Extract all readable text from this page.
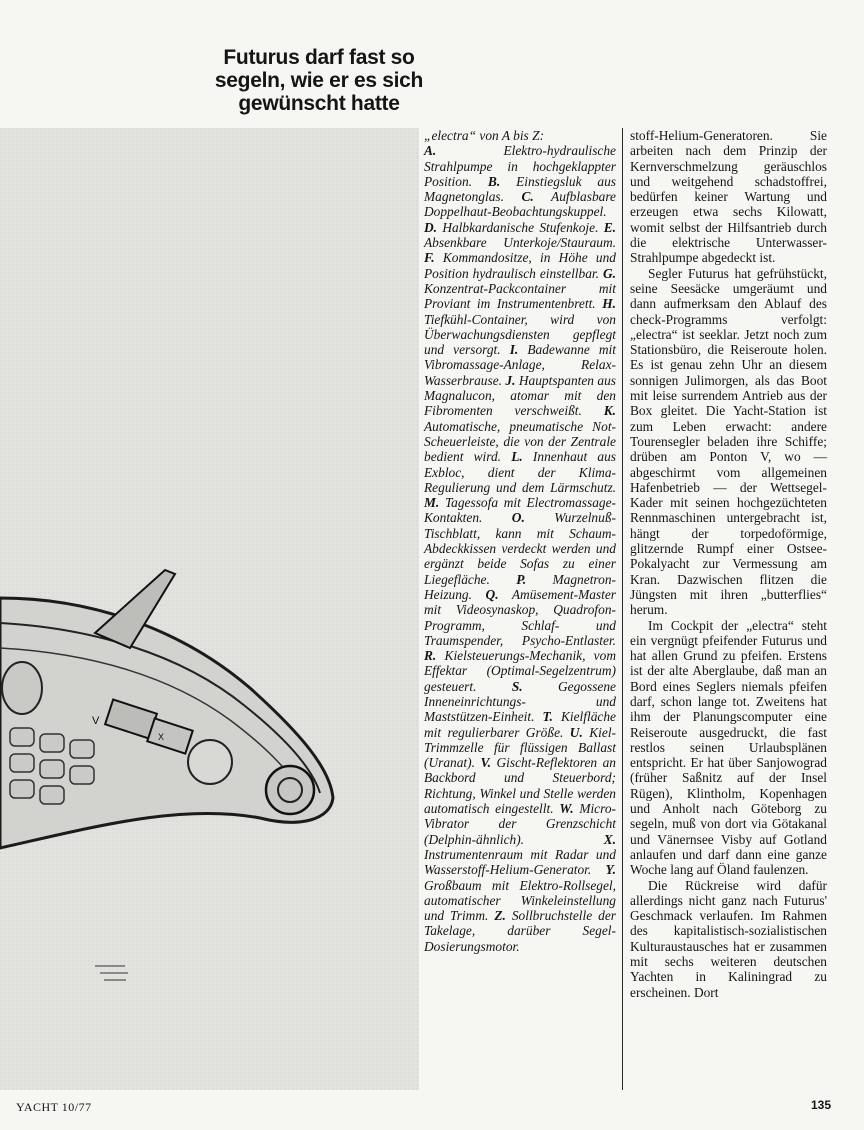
Futurus darf fast so
segeln, wie er es sich
gewünscht hatte
V
X

„electra“ von A bis Z:

A.	Elektro-hydraulische Strahlpumpe in hochgeklappter Position. B. Einstiegsluk aus Magnetonglas. C. Aufblasbare Doppelhaut-Beobachtungskuppel. D. Halbkardanische Stufenkoje. E. Absenkbare Unterkoje/Stauraum. F. Kommandositze, in Höhe und Position hydraulisch einstellbar. G. Konzentrat-Packcontainer mit Proviant im Instrumentenbrett. H. Tiefkühl-Container, wird von Überwachungsdiensten gepflegt und versorgt. I. Badewanne mit Vibromassage-Anlage, Relax-Wasserbrause. J. Hauptspanten aus Magnalucon, atomar mit den Fibromenten verschweißt. K. Automatische, pneumatische Not-Scheuerleiste, die von der Zentrale bedient wird. L. Innenhaut aus Exbloc, dient der Klima-Regulierung und dem Lärmschutz. M. Tagessofa mit Electromassage-Kontakten. O. Wurzelnuß-Tischblatt, kann mit Schaum-Abdeckkissen verdeckt werden und ergänzt beide Sofas zu einer Liegefläche. P. Magnetron-Heizung. Q. Amüsement-Master mit Videosynaskop, Quadrofon-Programm, Schlaf- und Traumspender, Psycho-Entlaster. R. Kielsteuerungs-Mechanik, vom Effektar (Optimal-Segelzentrum) gesteuert.	S.	Gegossene Inneneinrichtungs- und Maststützen-Einheit. T. Kielfläche mit regulierbarer Größe. U. Kiel-Trimmzelle für flüssigen Ballast (Uranat). V. Gischt-Reflektoren an Backbord und Steuerbord; Richtung, Winkel und Stelle werden automatisch eingestellt. W. Micro-Vibrator der Grenzschicht (Delphin-ähnlich).	X. Instrumentenraum mit Radar und Wasserstoff-Helium-Generator. Y. Großbaum mit Elektro-Rollsegel, automatischer Winkeleinstellung und Trimm. Z. Sollbruchstelle der Takelage, darüber Segel-Dosierungsmotor.

stoff-Helium-Generatoren. Sie arbeiten nach dem Prinzip der Kernverschmelzung geräuschlos und weitgehend schadstoffrei, bedürfen keiner Wartung und erzeugen etwa sechs Kilowatt, womit selbst der Hilfsantrieb durch die elektrische Unterwasser-Strahlpumpe abgedeckt ist.

Segler Futurus hat gefrühstückt, seine Seesäcke umgeräumt und dann aufmerksam den Ablauf des check-Programms verfolgt: „electra“ ist seeklar. Jetzt noch zum Stationsbüro, die Reiseroute holen. Es ist genau zehn Uhr an diesem sonnigen Julimorgen, als das Boot mit leise surrendem Antrieb aus der Box gleitet. Die Yacht-Station ist zum Leben erwacht: andere Tourensegler beladen ihre Schiffe; drüben am Ponton V, wo — abgeschirmt vom allgemeinen Hafenbetrieb — der Wettsegel-Kader mit seinen hochgezüchteten Rennmaschinen untergebracht ist, hängt der torpedoförmige, glitzernde Rumpf einer Ostsee-Pokalyacht zur Vermessung am Kran. Dazwischen flitzen die Jüngsten mit ihren „butterflies“ herum.

Im Cockpit der „electra“ steht ein vergnügt pfeifender Futurus und hat allen Grund zu pfeifen. Erstens ist der alte Aberglaube, daß man an Bord eines Seglers niemals pfeifen darf, schon lange tot. Zweitens hat ihm der Planungscomputer eine Reiseroute ausgedruckt, die fast restlos seinen Urlaubsplänen entspricht. Er hat über Sanjowograd (früher Saßnitz auf der Insel Rügen), Klintholm, Kopenhagen und Anholt nach Göteborg zu segeln, muß von dort via Götakanal und Vänernsee Visby auf Gotland anlaufen und darf dann eine ganze Woche lang auf Öland faulenzen.

Die Rückreise wird dafür allerdings nicht ganz nach Futurus' Geschmack verlaufen. Im Rahmen des kapitalistisch-sozialistischen Kulturaustausches hat er zusammen mit sechs weiteren deutschen Yachten in Kaliningrad zu erscheinen. Dort

YACHT 10/77	135
